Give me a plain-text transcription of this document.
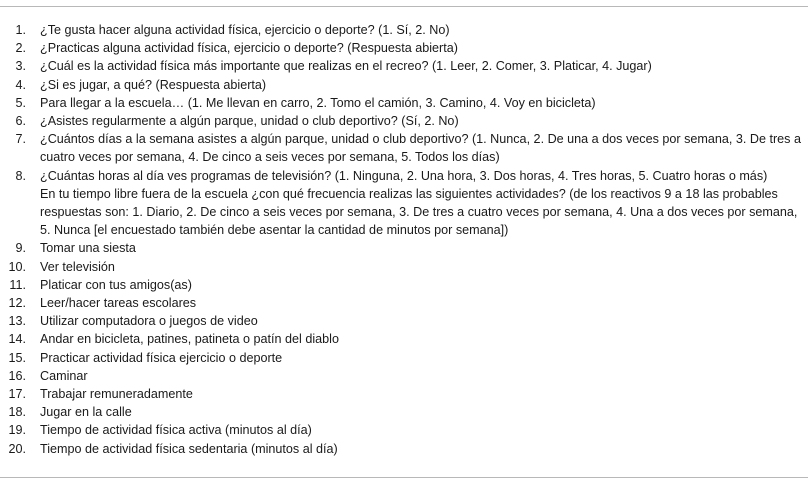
1.	¿Te gusta hacer alguna actividad física, ejercicio o deporte? (1. Sí, 2. No)
2.	¿Practicas alguna actividad física, ejercicio o deporte? (Respuesta abierta)
3.	¿Cuál es la actividad física más importante que realizas en el recreo? (1. Leer, 2. Comer, 3. Platicar, 4. Jugar)
4.	¿Si es jugar, a qué? (Respuesta abierta)
5.	Para llegar a la escuela… (1. Me llevan en carro, 2. Tomo el camión, 3. Camino, 4. Voy en bicicleta)
6.	¿Asistes regularmente a algún parque, unidad o club deportivo? (Sí, 2. No)
7.	¿Cuántos días a la semana asistes a algún parque, unidad o club deportivo? (1. Nunca, 2. De una a dos veces por semana, 3. De tres a cuatro veces por semana, 4. De cinco a seis veces por semana, 5. Todos los días)
8.	¿Cuántas horas al día ves programas de televisión? (1. Ninguna, 2. Una hora, 3. Dos horas, 4. Tres horas, 5. Cuatro horas o más)
En tu tiempo libre fuera de la escuela ¿con qué frecuencia realizas las siguientes actividades? (de los reactivos 9 a 18 las probables respuestas son: 1. Diario, 2. De cinco a seis veces por semana, 3. De tres a cuatro veces por semana, 4. Una a dos veces por semana, 5. Nunca [el encuestado también debe asentar la cantidad de minutos por semana])
9.	Tomar una siesta
10.	Ver televisión
11.	Platicar con tus amigos(as)
12.	Leer/hacer tareas escolares
13.	Utilizar computadora o juegos de video
14.	Andar en bicicleta, patines, patineta o patín del diablo
15.	Practicar actividad física ejercicio o deporte
16.	Caminar
17.	Trabajar remuneradamente
18.	Jugar en la calle
19.	Tiempo de actividad física activa (minutos al día)
20.	Tiempo de actividad física sedentaria (minutos al día)
